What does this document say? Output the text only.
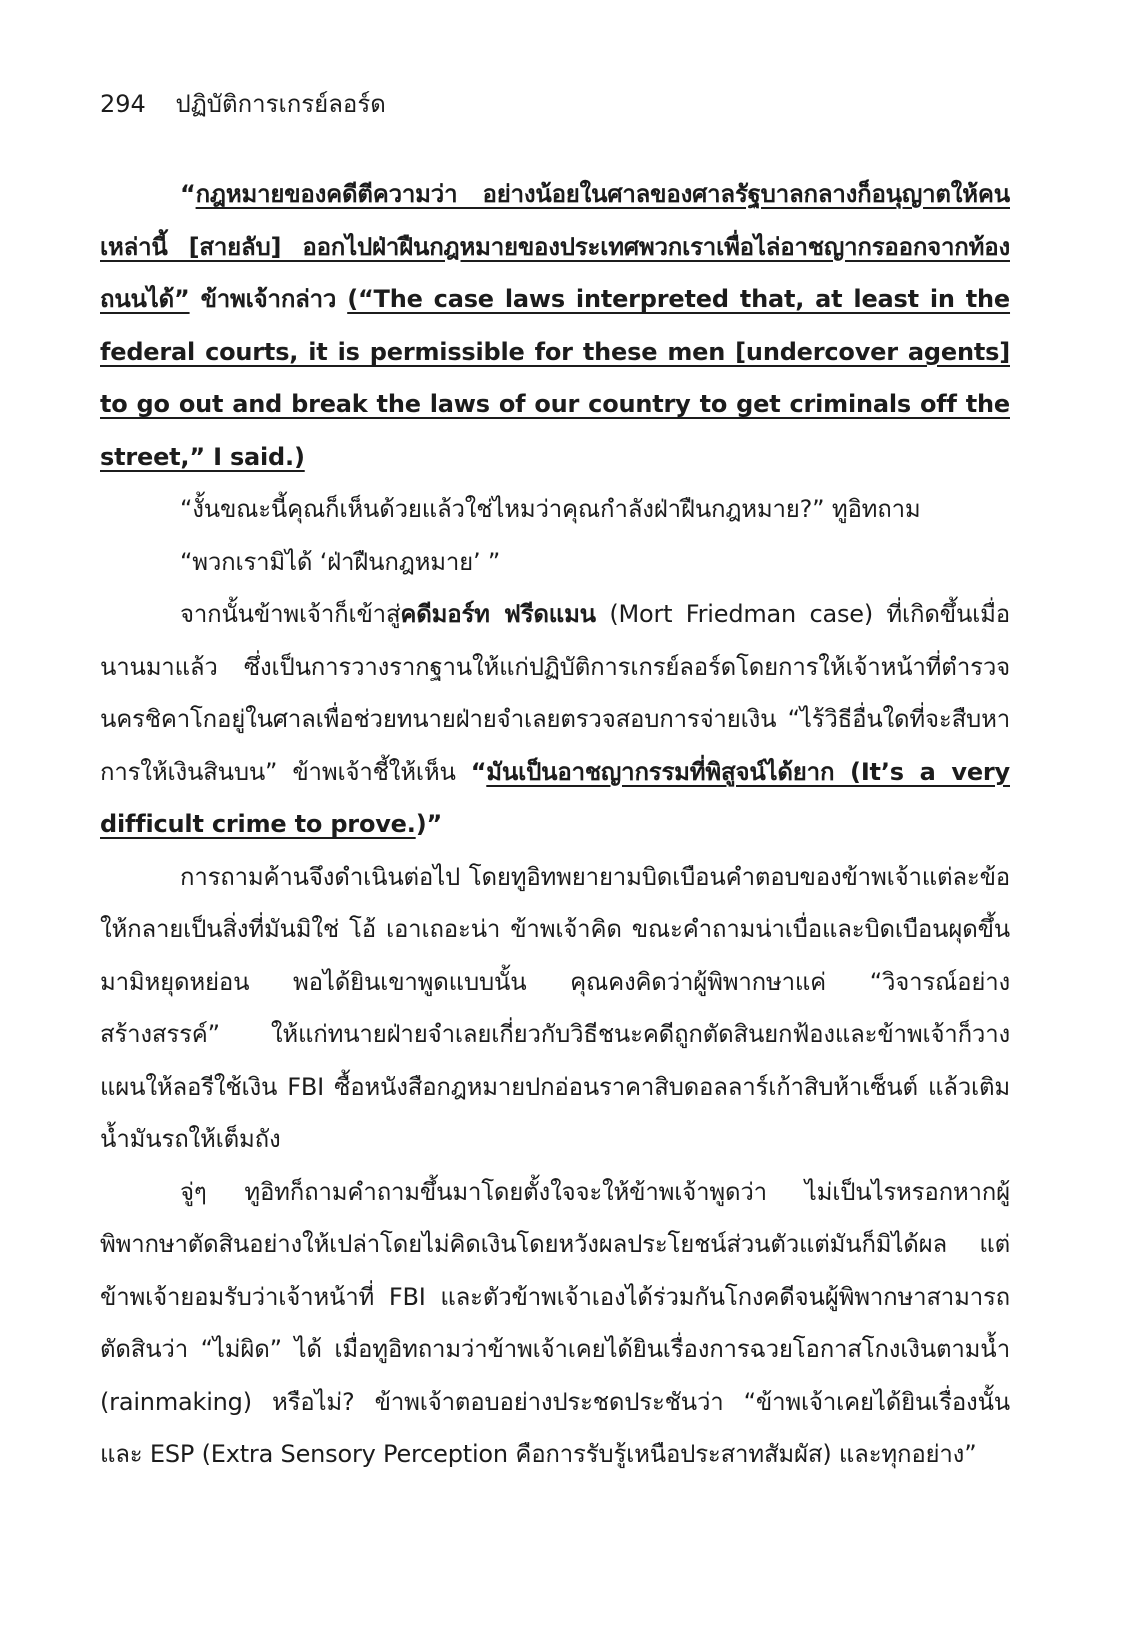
294 ปฏิบัติการเกรย์ลอร์ด

“กฎหมายของคดีตีความว่า อย่างน้อยในศาลของศาลรัฐบาลกลางก็อนุญาตให้คนเหล่านี้ [สายลับ] ออกไปฝ่าฝืนกฎหมายของประเทศพวกเราเพื่อไล่อาชญากรออกจากท้องถนนได้” ข้าพเจ้ากล่าว (“The case laws interpreted that, at least in the federal courts, it is permissible for these men [undercover agents] to go out and break the laws of our country to get criminals off the street,” I said.)

“งั้นขณะนี้คุณก็เห็นด้วยแล้วใช่ไหมว่าคุณกำลังฝ่าฝืนกฎหมาย?” ทูอิทถาม

“พวกเรามิได้ ‘ฝ่าฝืนกฎหมาย’ ”

จากนั้นข้าพเจ้าก็เข้าสู่คดีมอร์ท ฟรีดแมน (Mort Friedman case) ที่เกิดขึ้นเมื่อนานมาแล้ว ซึ่งเป็นการวางรากฐานให้แก่ปฏิบัติการเกรย์ลอร์ดโดยการให้เจ้าหน้าที่ตำรวจนครชิคาโกอยู่ในศาลเพื่อช่วยทนายฝ่ายจำเลยตรวจสอบการจ่ายเงิน “ไร้วิธีอื่นใดที่จะสืบหาการให้เงินสินบน” ข้าพเจ้าชี้ให้เห็น “มันเป็นอาชญากรรมที่พิสูจน์ได้ยาก (It’s a very difficult crime to prove.)”

การถามค้านจึงดำเนินต่อไป โดยทูอิทพยายามบิดเบือนคำตอบของข้าพเจ้าแต่ละข้อให้กลายเป็นสิ่งที่มันมิใช่ โอ้ เอาเถอะน่า ข้าพเจ้าคิด ขณะคำถามน่าเบื่อและบิดเบือนผุดขึ้นมามิหยุดหย่อน พอได้ยินเขาพูดแบบนั้น คุณคงคิดว่าผู้พิพากษาแค่ “วิจารณ์อย่างสร้างสรรค์” ให้แก่ทนายฝ่ายจำเลยเกี่ยวกับวิธีชนะคดีถูกตัดสินยกฟ้องและข้าพเจ้าก็วางแผนให้ลอรีใช้เงิน FBI ซื้อหนังสือกฎหมายปกอ่อนราคาสิบดอลลาร์เก้าสิบห้าเซ็นต์ แล้วเติมน้ำมันรถให้เต็มถัง

จู่ๆ ทูอิทก็ถามคำถามขึ้นมาโดยตั้งใจจะให้ข้าพเจ้าพูดว่า ไม่เป็นไรหรอกหากผู้พิพากษาตัดสินอย่างให้เปล่าโดยไม่คิดเงินโดยหวังผลประโยชน์ส่วนตัวแต่มันก็มิได้ผล แต่ข้าพเจ้ายอมรับว่าเจ้าหน้าที่ FBI และตัวข้าพเจ้าเองได้ร่วมกันโกงคดีจนผู้พิพากษาสามารถตัดสินว่า “ไม่ผิด” ได้ เมื่อทูอิทถามว่าข้าพเจ้าเคยได้ยินเรื่องการฉวยโอกาสโกงเงินตามน้ำ (rainmaking) หรือไม่? ข้าพเจ้าตอบอย่างประชดประชันว่า “ข้าพเจ้าเคยได้ยินเรื่องนั้น และ ESP (Extra Sensory Perception คือการรับรู้เหนือประสาทสัมผัส) และทุกอย่าง”
